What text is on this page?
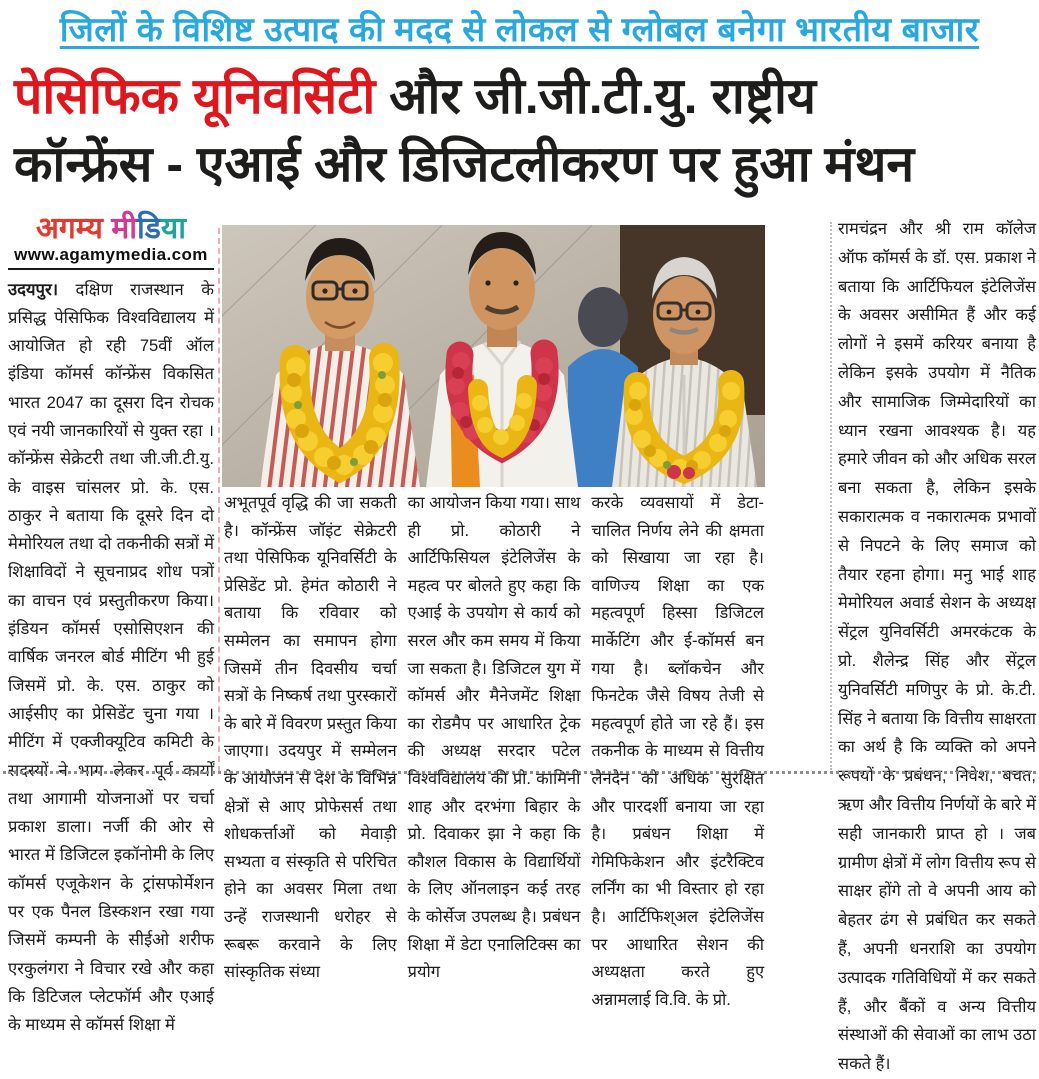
जिलों के विशिष्ट उत्पाद की मदद से लोकल से ग्लोबल बनेगा भारतीय बाजार
पेसिफिक यूनिवर्सिटी और जी.जी.टी.यु. राष्ट्रीय
कॉन्फ्रेंस - एआई और डिजिटलीकरण पर हुआ मंथन
अगम्य मीडिया
www.agamymedia.com
उदयपुर। दक्षिण राजस्थान के प्रसिद्ध पेसिफिक विश्वविद्यालय में आयोजित हो रही 75वीं ऑल इंडिया कॉमर्स कॉन्फ्रेंस विकसित भारत 2047 का दूसरा दिन रोचक एवं नयी जानकारियों से युक्त रहा । कॉन्फ्रेंस सेक्रेटरी तथा जी.जी.टी.यु. के वाइस चांसलर प्रो. के. एस. ठाकुर ने बताया कि दूसरे दिन दो मेमोरियल तथा दो तकनीकी सत्रों में शिक्षाविदों ने सूचनाप्रद शोध पत्रों का वाचन एवं प्रस्तुतीकरण किया। इंडियन कॉमर्स एसोसिएशन की वार्षिक जनरल बोर्ड मीटिंग भी हुई जिसमें प्रो. के. एस. ठाकुर को आईसीए का प्रेसिडेंट चुना गया । मीटिंग में एक्जीक्यूटिव कमिटी के सदस्यों ने भाग लेकर पूर्व कार्यों तथा आगामी योजनाओं पर चर्चा प्रकाश डाला। नर्जी की ओर से भारत में डिजिटल इकॉनोमी के लिए कॉमर्स एजूकेशन के ट्रांसफोर्मेशन पर एक पैनल डिस्कशन रखा गया जिसमें कम्पनी के सीईओ शरीफ एरकुलंगरा ने विचार रखे और कहा कि डिटिजल प्लेटफॉर्म और एआई के माध्यम से कॉमर्स शिक्षा में
अभूतपूर्व वृद्धि की जा सकती है। कॉन्फ्रेंस जॉइंट सेक्रेटरी तथा पेसिफिक यूनिवर्सिटी के प्रेसिडेंट प्रो. हेमंत कोठारी ने बताया कि रविवार को सम्मेलन का समापन होगा जिसमें तीन दिवसीय चर्चा सत्रों के निष्कर्ष तथा पुरस्कारों के बारे में विवरण प्रस्तुत किया जाएगा। उदयपुर में सम्मेलन के आयोजन से देश के विभिन्न क्षेत्रों से आए प्रोफेसर्स तथा शोधकर्त्ताओं को मेवाड़ी सभ्यता व संस्कृति से परिचित होने का अवसर मिला तथा उन्हें राजस्थानी धरोहर से रूबरू करवाने के लिए सांस्कृतिक संध्या
का आयोजन किया गया। साथ ही प्रो. कोठारी ने आर्टिफिसियल इंटेलिजेंस के महत्व पर बोलते हुए कहा कि एआई के उपयोग से कार्य को सरल और कम समय में किया जा सकता है। डिजिटल युग में कॉमर्स और मैनेजमेंट शिक्षा का रोडमैप पर आधारित ट्रेक की अध्यक्ष सरदार पटेल विश्वविद्यालय की प्रो. कामिनी शाह और दरभंगा बिहार के प्रो. दिवाकर झा ने कहा कि कौशल विकास के विद्यार्थियों के लिए ऑनलाइन कई तरह के कोर्सेज उपलब्ध है। प्रबंधन शिक्षा में डेटा एनालिटिक्स का प्रयोग
करके व्यवसायों में डेटा-चालित निर्णय लेने की क्षमता को सिखाया जा रहा है। वाणिज्य शिक्षा का एक महत्वपूर्ण हिस्सा डिजिटल मार्केटिंग और ई-कॉमर्स बन गया है। ब्लॉकचेन और फिनटेक जैसे विषय तेजी से महत्वपूर्ण होते जा रहे हैं। इस तकनीक के माध्यम से वित्तीय लेनदेन को अधिक सुरक्षित और पारदर्शी बनाया जा रहा है। प्रबंधन शिक्षा में गेमिफिकेशन और इंटरैक्टिव लर्निंग का भी विस्तार हो रहा है। आर्टिफिश्अल इंटेलिजेंस पर आधारित सेशन की अध्यक्षता करते हुए अन्नामलाई वि.वि. के प्रो.
रामचंद्रन और श्री राम कॉलेज ऑफ कॉमर्स के डॉ. एस. प्रकाश ने बताया कि आर्टिफियल इंटेलिजेंस के अवसर असीमित हैं और कई लोगों ने इसमें करियर बनाया है लेकिन इसके उपयोग में नैतिक और सामाजिक जिम्मेदारियों का ध्यान रखना आवश्यक है। यह हमारे जीवन को और अधिक सरल बना सकता है, लेकिन इसके सकारात्मक व नकारात्मक प्रभावों से निपटने के लिए समाज को तैयार रहना होगा। मनु भाई शाह मेमोरियल अवार्ड सेशन के अध्यक्ष सेंट्रल युनिवर्सिटी अमरकंटक के प्रो. शैलेन्द्र सिंह और सेंट्रल युनिवर्सिटी मणिपुर के प्रो. के.टी. सिंह ने बताया कि वित्तीय साक्षरता का अर्थ है कि व्यक्ति को अपने रूपयों के प्रबंधन, निवेश, बचत, ऋण और वित्तीय निर्णयों के बारे में सही जानकारी प्राप्त हो । जब ग्रामीण क्षेत्रों में लोग वित्तीय रूप से साक्षर होंगे तो वे अपनी आय को बेहतर ढंग से प्रबंधित कर सकते हैं, अपनी धनराशि का उपयोग उत्पादक गतिविधियों में कर सकते हैं, और बैंकों व अन्य वित्तीय संस्थाओं की सेवाओं का लाभ उठा सकते हैं।
